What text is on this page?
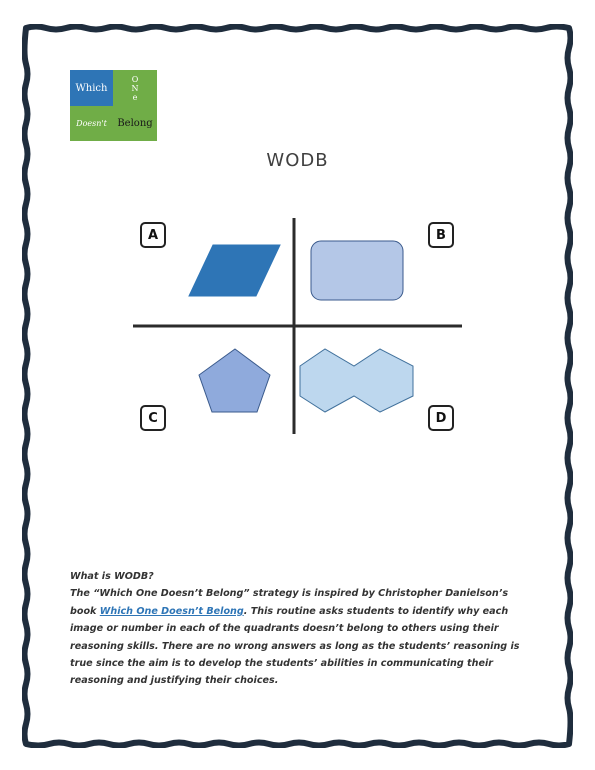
Which
O
N
e
Doesn't	Belong
WODB
A	B
C	D
What is WODB?
The “Which One Doesn’t Belong” strategy is inspired by Christopher Danielson’s book Which One Doesn’t Belong. This routine asks students to identify why each image or number in each of the quadrants doesn’t belong to others using their reasoning skills. There are no wrong answers as long as the students’ reasoning is true since the aim is to develop the students’ abilities in communicating their reasoning and justifying their choices.
